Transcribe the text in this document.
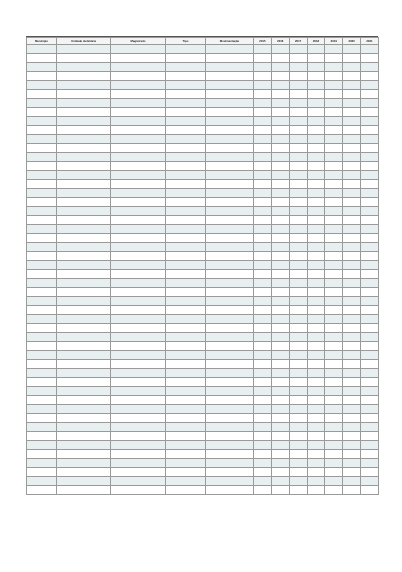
Município	Unidade Judiciária	Magistrado	Tipo	Movimentação	2015	2016	2017	2018	2019	2020	2021
